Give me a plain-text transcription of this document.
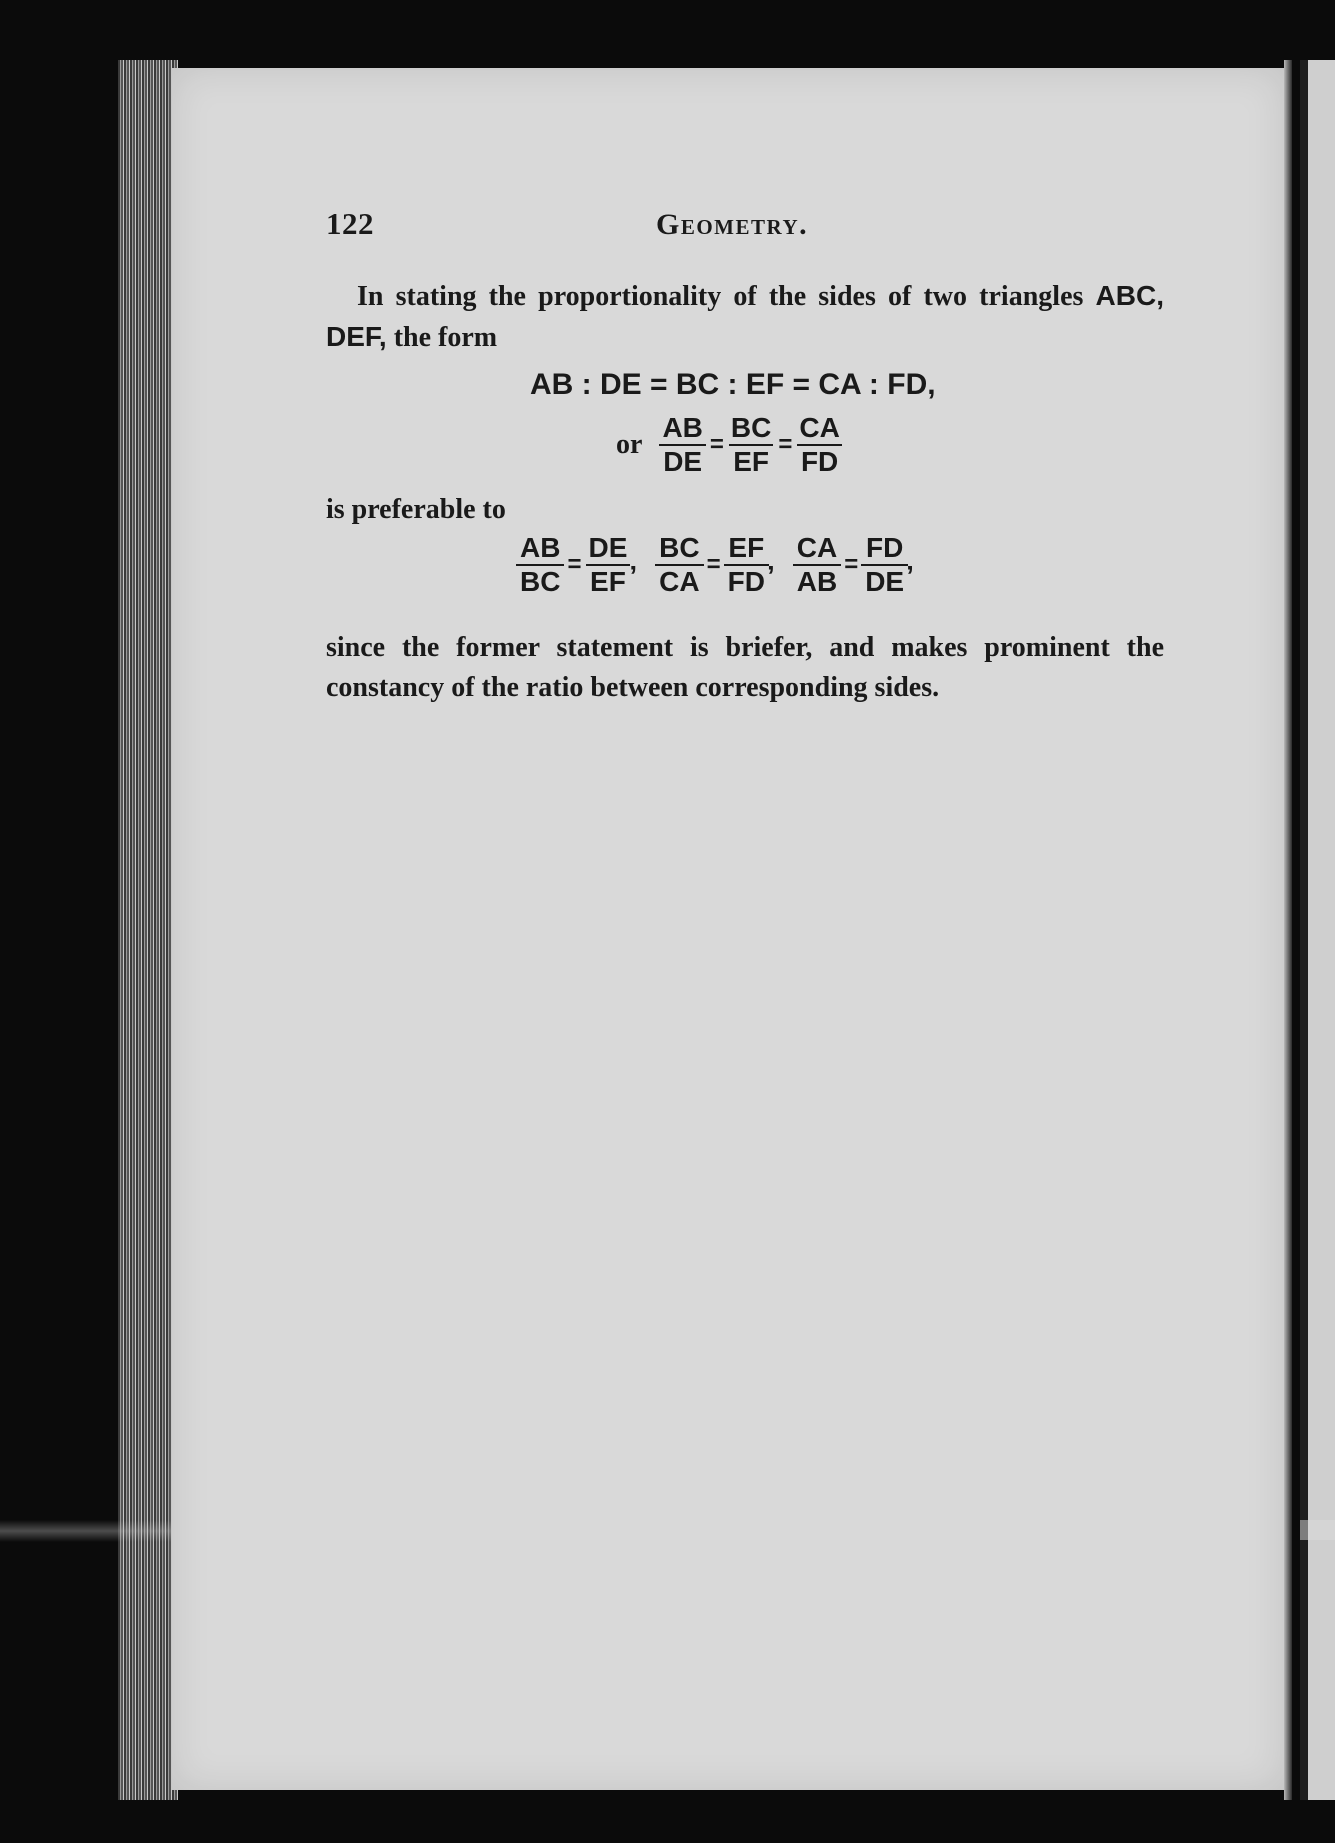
122	Geometry.
In stating the proportionality of the sides of two triangles ABC, DEF, the form
AB : DE = BC : EF = CA : FD,
or $\frac{AB}{DE} = \frac{BC}{EF} = \frac{CA}{FD}$
is preferable to
$\frac{AB}{BC} = \frac{DE}{EF}$
’ $\frac{BC}{CA} = \frac{EF}{FD}$
’ $\frac{CA}{AB} = \frac{FD}{DE}$
’
since the former statement is briefer, and makes prominent the constancy of the ratio between corresponding sides.
